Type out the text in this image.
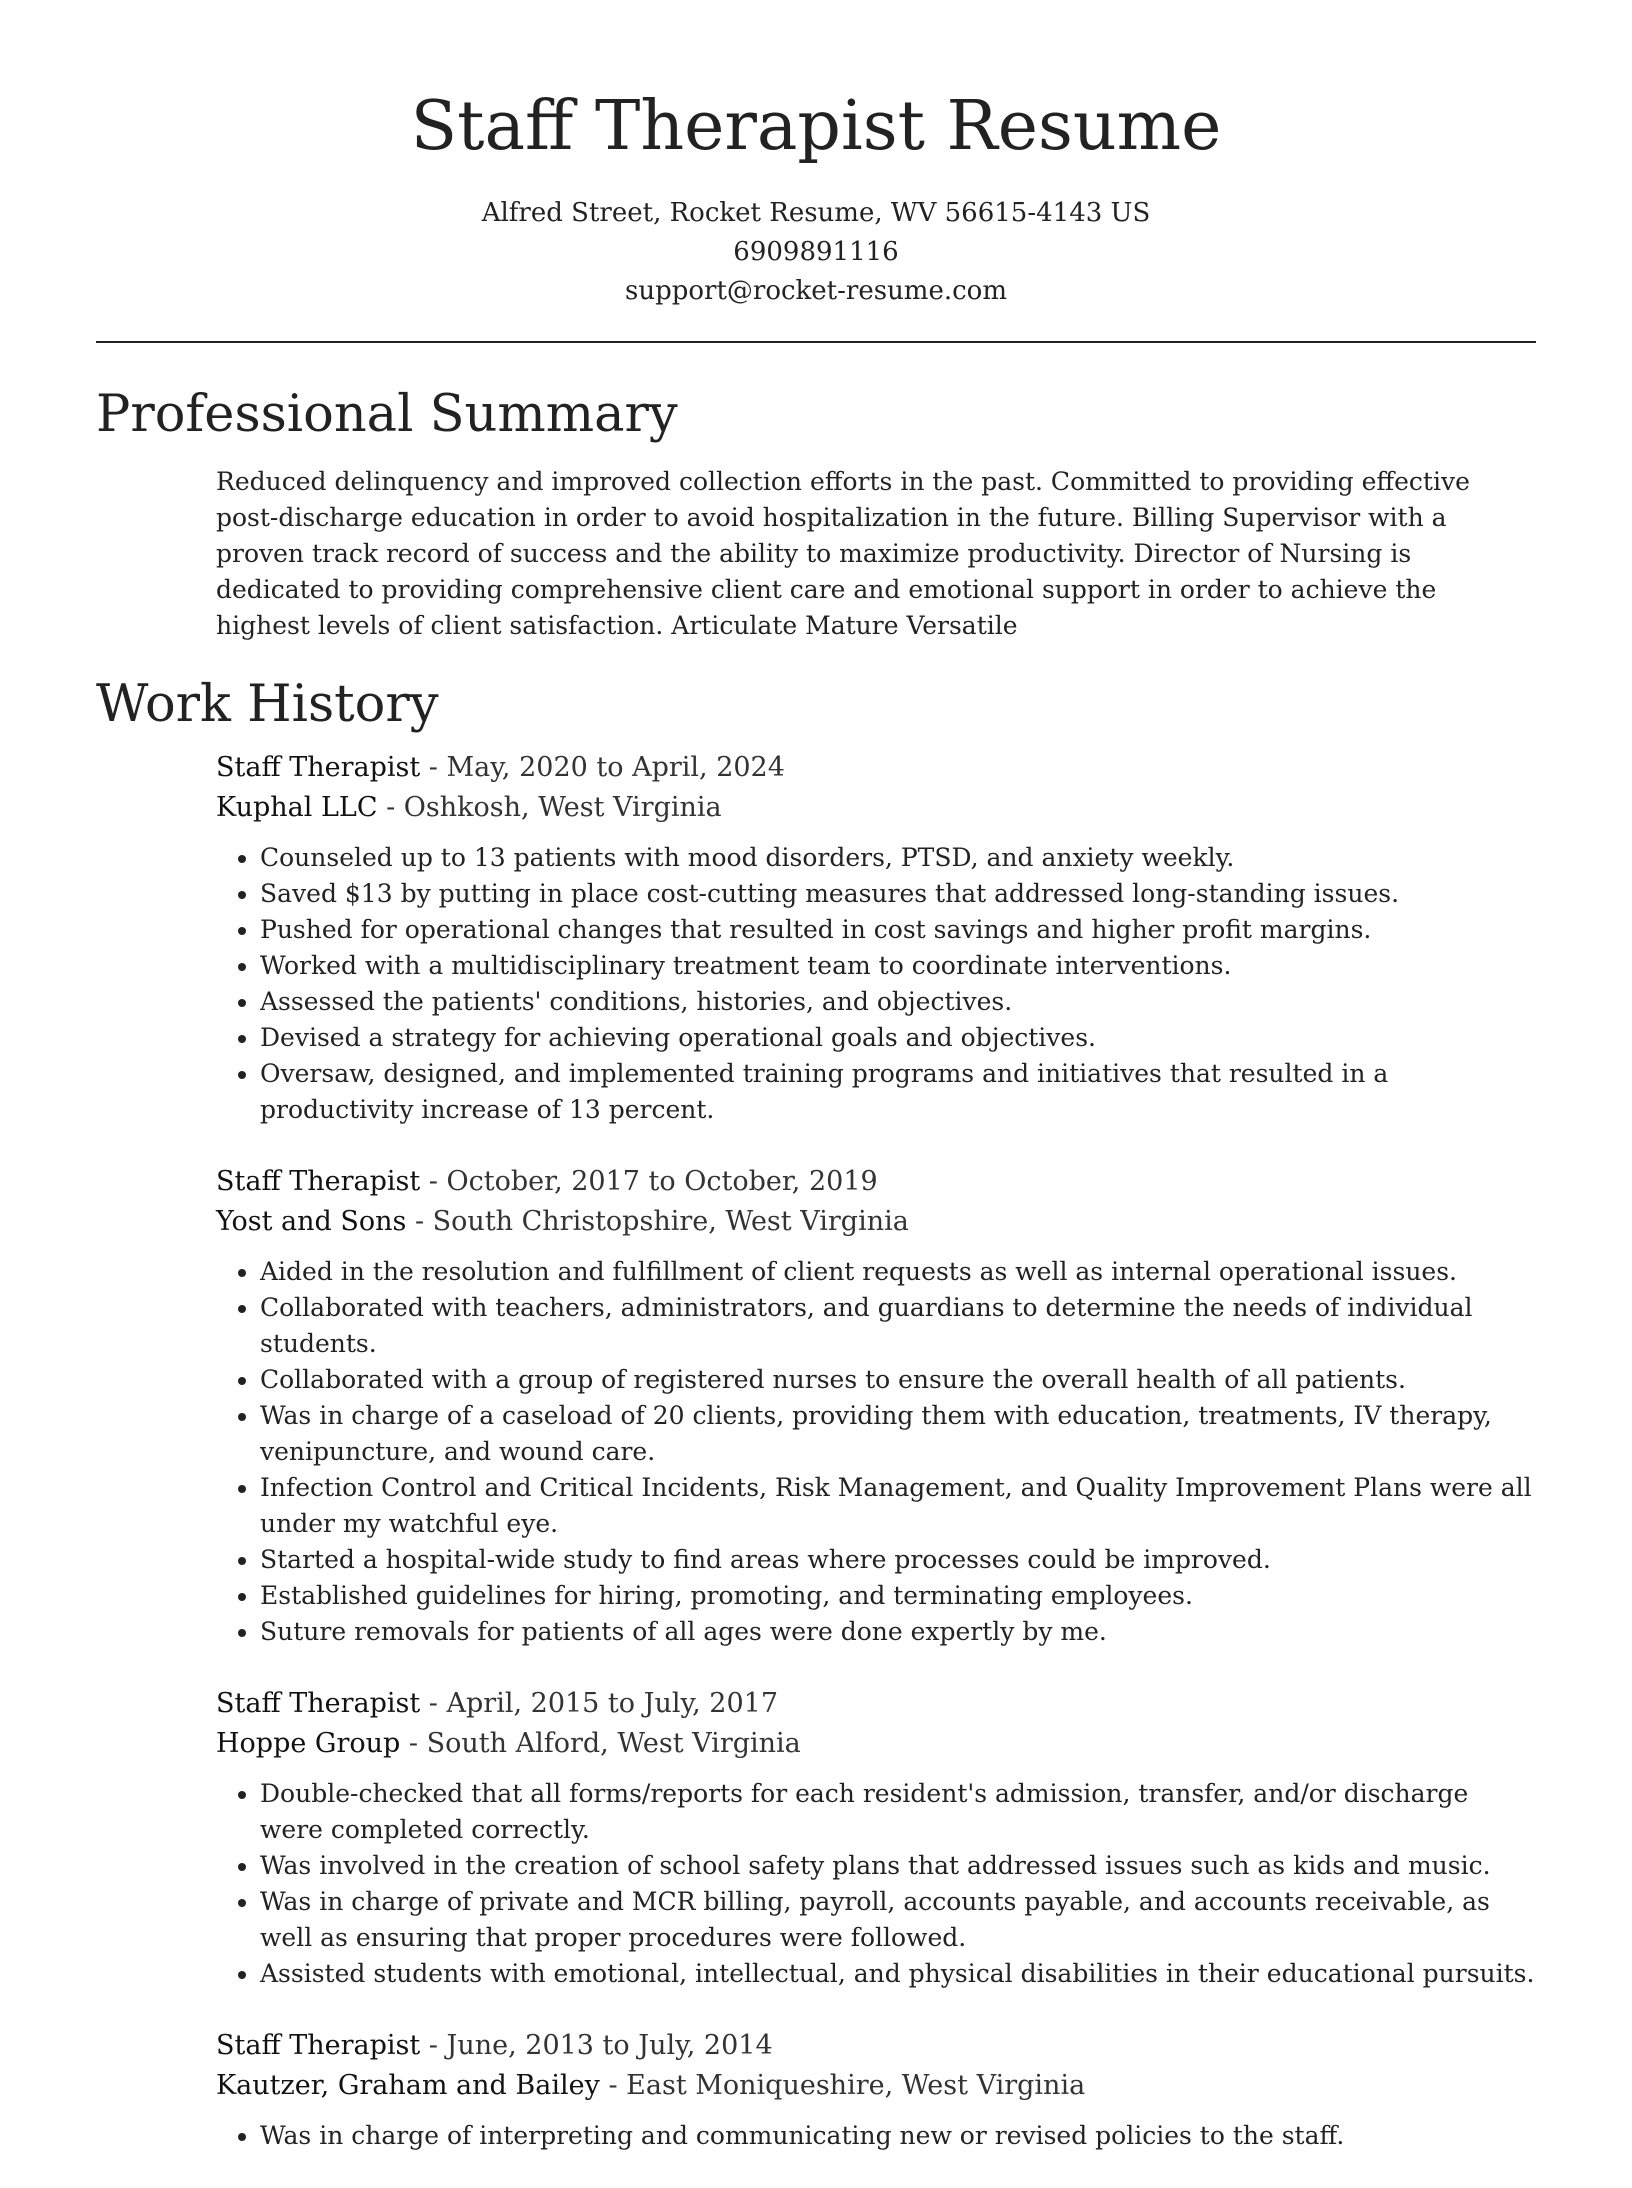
Staff Therapist Resume
Alfred Street, Rocket Resume, WV 56615-4143 US
6909891116
support@rocket-resume.com
Professional Summary

Reduced delinquency and improved collection efforts in the past. Committed to providing effective post-discharge education in order to avoid hospitalization in the future. Billing Supervisor with a proven track record of success and the ability to maximize productivity. Director of Nursing is dedicated to providing comprehensive client care and emotional support in order to achieve the highest levels of client satisfaction. Articulate Mature Versatile

Work History
Staff Therapist - May, 2020 to April, 2024
Kuphal LLC - Oshkosh, West Virginia
• Counseled up to 13 patients with mood disorders, PTSD, and anxiety weekly.
• Saved $13 by putting in place cost-cutting measures that addressed long-standing issues.
• Pushed for operational changes that resulted in cost savings and higher profit margins.
• Worked with a multidisciplinary treatment team to coordinate interventions.
• Assessed the patients' conditions, histories, and objectives.
• Devised a strategy for achieving operational goals and objectives.
• Oversaw, designed, and implemented training programs and initiatives that resulted in a productivity increase of 13 percent.
Staff Therapist - October, 2017 to October, 2019
Yost and Sons - South Christopshire, West Virginia
• Aided in the resolution and fulfillment of client requests as well as internal operational issues.
• Collaborated with teachers, administrators, and guardians to determine the needs of individual students.
• Collaborated with a group of registered nurses to ensure the overall health of all patients.
• Was in charge of a caseload of 20 clients, providing them with education, treatments, IV therapy, venipuncture, and wound care.
• Infection Control and Critical Incidents, Risk Management, and Quality Improvement Plans were all under my watchful eye.
• Started a hospital-wide study to find areas where processes could be improved.
• Established guidelines for hiring, promoting, and terminating employees.
• Suture removals for patients of all ages were done expertly by me.
Staff Therapist - April, 2015 to July, 2017
Hoppe Group - South Alford, West Virginia
• Double-checked that all forms/reports for each resident's admission, transfer, and/or discharge were completed correctly.
• Was involved in the creation of school safety plans that addressed issues such as kids and music.
• Was in charge of private and MCR billing, payroll, accounts payable, and accounts receivable, as well as ensuring that proper procedures were followed.
• Assisted students with emotional, intellectual, and physical disabilities in their educational pursuits.
Staff Therapist - June, 2013 to July, 2014
Kautzer, Graham and Bailey - East Moniqueshire, West Virginia
• Was in charge of interpreting and communicating new or revised policies to the staff.
